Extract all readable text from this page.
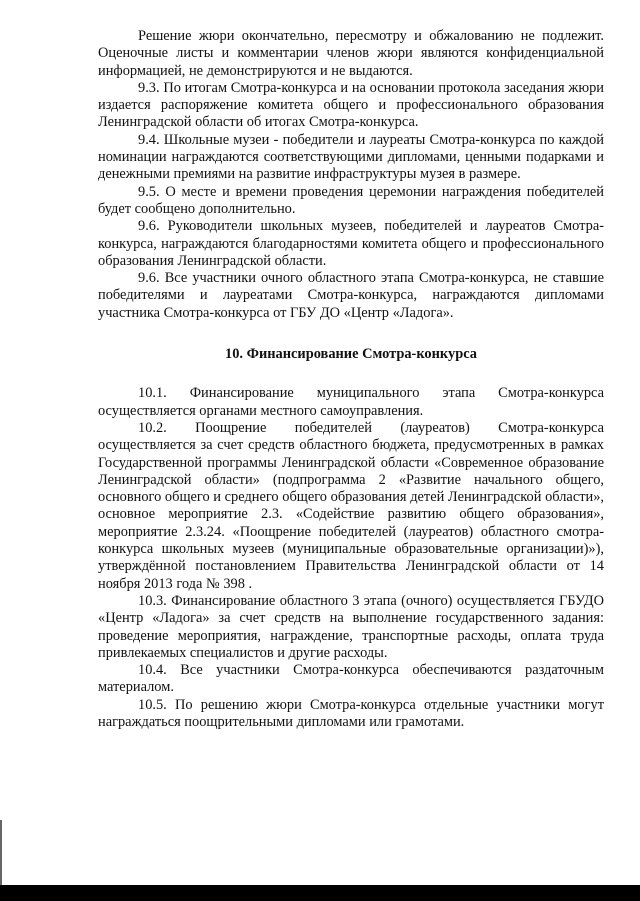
Решение жюри окончательно, пересмотру и обжалованию не подлежит. Оценочные листы и комментарии членов жюри являются конфиденциальной информацией, не демонстрируются и не выдаются.

9.3. По итогам Смотра-конкурса и на основании протокола заседания жюри издается распоряжение комитета общего и профессионального образования Ленинградской области об итогах Смотра-конкурса.

9.4. Школьные музеи - победители и лауреаты Смотра-конкурса по каждой номинации награждаются соответствующими дипломами, ценными подарками и денежными премиями на развитие инфраструктуры музея в размере.

9.5. О месте и времени проведения церемонии награждения победителей будет сообщено дополнительно.

9.6. Руководители школьных музеев, победителей и лауреатов Смотра-конкурса, награждаются благодарностями комитета общего и профессионального образования Ленинградской области.

9.6. Все участники очного областного этапа Смотра-конкурса, не ставшие победителями и лауреатами Смотра-конкурса, награждаются дипломами участника Смотра-конкурса от ГБУ ДО «Центр «Ладога».

10. Финансирование Смотра-конкурса

10.1. Финансирование муниципального этапа Смотра-конкурса осуществляется органами местного самоуправления.

10.2. Поощрение победителей (лауреатов) Смотра-конкурса осуществляется за счет средств областного бюджета, предусмотренных в рамках Государственной программы Ленинградской области «Современное образование Ленинградской области» (подпрограмма 2 «Развитие начального общего, основного общего и среднего общего образования детей Ленинградской области», основное мероприятие 2.3. «Содействие развитию общего образования», мероприятие 2.3.24. «Поощрение победителей (лауреатов) областного смотра-конкурса школьных музеев (муниципальные образовательные организации)»), утверждённой постановлением Правительства Ленинградской области от 14 ноября 2013 года № 398 .

10.3. Финансирование областного 3 этапа (очного) осуществляется ГБУДО «Центр «Ладога» за счет средств на выполнение государственного задания: проведение мероприятия, награждение, транспортные расходы, оплата труда привлекаемых специалистов и другие расходы.

10.4. Все участники Смотра-конкурса обеспечиваются раздаточным материалом.

10.5. По решению жюри Смотра-конкурса отдельные участники могут награждаться поощрительными дипломами или грамотами.
